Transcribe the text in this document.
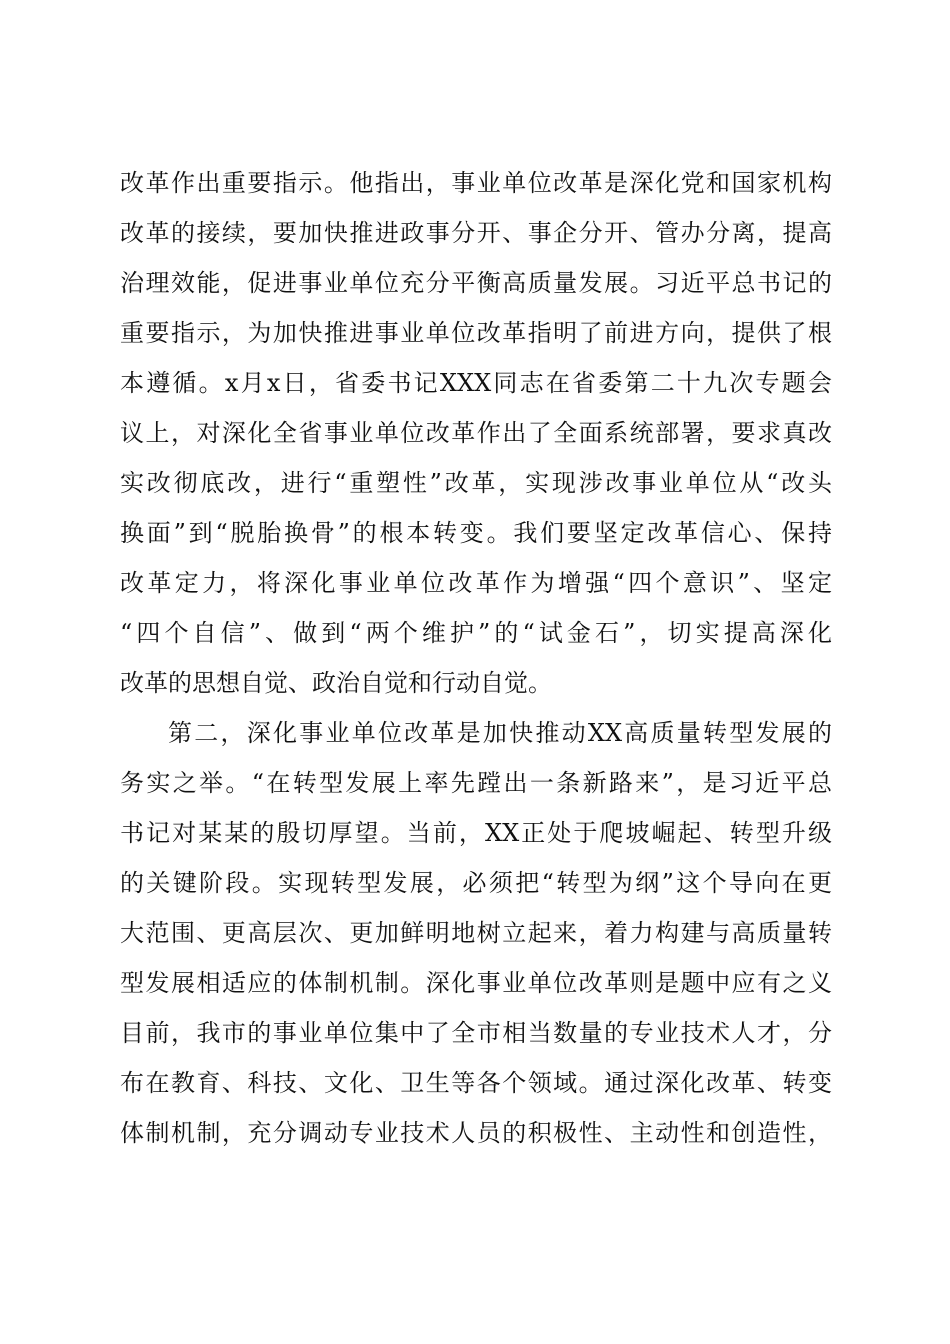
改革作出重要指示。他指出，事业单位改革是深化党和国家机构
改革的接续，要加快推进政事分开、事企分开、管办分离，提高
治理效能，促进事业单位充分平衡高质量发展。习近平总书记的
重要指示，为加快推进事业单位改革指明了前进方向，提供了根
本遵循。x月x日，省委书记XXX同志在省委第二十九次专题会
议上，对深化全省事业单位改革作出了全面系统部署，要求真改
实改彻底改，进行“重塑性”改革，实现涉改事业单位从“改头
换面”到“脱胎换骨”的根本转变。我们要坚定改革信心、保持
改革定力，将深化事业单位改革作为增强“四个意识”、坚定
“四个自信”、做到“两个维护”的“试金石”，切实提高深化
改革的思想自觉、政治自觉和行动自觉。
第二，深化事业单位改革是加快推动XX高质量转型发展的
务实之举。“在转型发展上率先蹚出一条新路来”，是习近平总
书记对某某的殷切厚望。当前，XX正处于爬坡崛起、转型升级
的关键阶段。实现转型发展，必须把“转型为纲”这个导向在更
大范围、更高层次、更加鲜明地树立起来，着力构建与高质量转
型发展相适应的体制机制。深化事业单位改革则是题中应有之义
目前，我市的事业单位集中了全市相当数量的专业技术人才，分
布在教育、科技、文化、卫生等各个领域。通过深化改革、转变
体制机制，充分调动专业技术人员的积极性、主动性和创造性，
